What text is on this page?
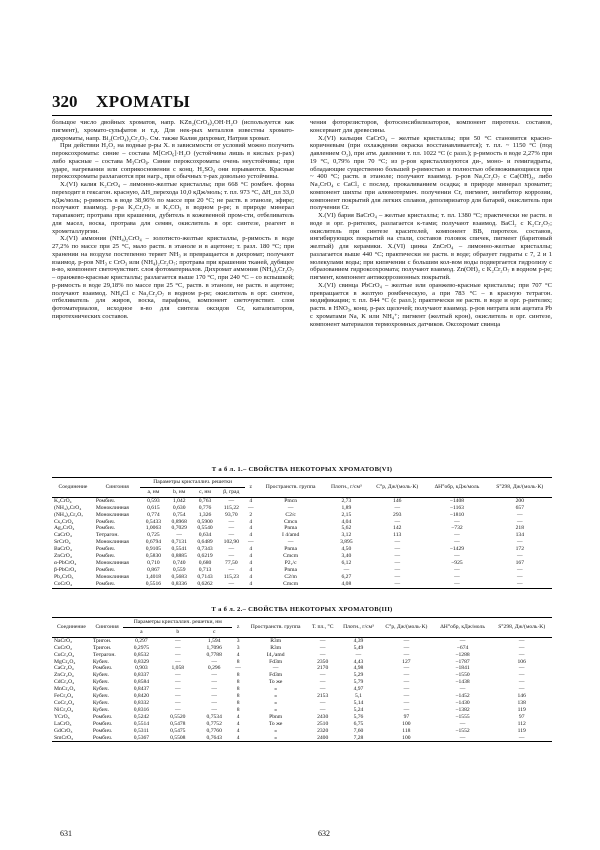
320 ХРОМАТЫ

больщое число двойных хроматов, напр. KZn₂(CrO₄)₂OH·H₂O (используется как пигмент), хромато-сульфатов и т.д. Для нек-рых металлов известны хромато-дихроматы, напр. Bi₂(CrO₄)₂Cr₂O₇. См. также Калия дихромат, Натрия хромат.

При действии H₂O₂ на водные р-ры X. в зависимости от условий можно получить пероксохроматы: синие – состава M[CrO₆]·H₂O (устойчивы лишь в кислых р-рах) либо красные – состава M₃CrO₈. Синие пероксохроматы очень неустойчивы; при ударе, нагревании или соприкосновении с конц. H₂SO₄ они взрываются. Красные пероксохроматы разлагаются при нагр., при обычных т-рах довольно устойчивы.

X.(VI) калия K₂CrO₄ – лимонно-желтые кристаллы; при 668 °C ромбич. форма переходит в гексагон. красную, ΔH_перехода 10,0 кДж/моль; т. пл. 973 °C, ΔH_пл 33,0 кДж/моль; р-римость в воде 38,96% по массе при 20 °C; не раств. в этаноле, эфире; получают взаимод. p-ра K₂Cr₂O₇ и K₂CO₃ в водном р-ре; в природе минерал тарапакоит; протрава при крашении, дубитель в кожевенной пром-сти, отбеливатель для масел, воска, протрава для семян, окислитель в орг. синтезе, реагент в хрометаллургии.

X.(VI) аммония (NH₄)₂CrO₄ – золотисто-желтые кристаллы, р-римость в воде 27,2% по массе при 25 °C, мало раств. в этаноле и в ацетоне; т. разл. 180 °C; при хранении на воздухе постепенно теряет NH₃ и превращается в дихромат; получают взаимод. р-ров NH₃ с CrO₃ или (NH₄)₂Cr₂O₇; протрава при крашении тканей, дубящее в-во, компонент светочувствит. слоя фотоматериалов. Дихромат аммония (NH₄)₂Cr₂O₇ – оранжево-красные кристаллы; разлагается выше 170 °C, при 240 °C – со вспышкой; р-римость в воде 29,18% по массе при 25 °C, раств. в этаноле, не раств. в ацетоне; получают взаимод. NH₄Cl с Na₂Cr₂O₇ в водном р-ре; окислитель в орг. синтезе, отбеливатель для жиров, воска, парафина, компонент светочувствит. слоя фотоматериалов, исходное в-во для синтеза оксидов Cr, катализаторов, пиротехнических составов.

чения фоторезисторов, фотосенсибилизаторов, компонент пиротехн. составов, консервант для древесины.

X.(VI) кальция CaCrO₄ – желтые кристаллы; при 50 °C становится красно-коричневым (при охлаждении окраска восстанавливается); т. пл. ~ 1150 °C (под давлением O₂), при атм. давлении т. пл. 1022 °C (с разл.); р-римость в воде 2,27% при 19 °C, 0,79% при 70 °C; из р-ров кристаллизуются ди-, моно- и гемигидраты, обладающие существенно большей р-римостью и полностью обезвоживающиеся при ~ 400 °C; раств. в этаноле; получают взаимод. р-ров Na₂Cr₂O₇ с Ca(OH)₂, либо Na₂CrO₄ с CaCl₂ с послед. прокаливанием осадка; в природе минерал хроматит; компонент шихты при алюмотермич. получении Cr, пигмент, ингибитор коррозии, компонент покрытий для легких сплавов, деполяризатор для батарей, окислитель при получении Cr.

X.(VI) бария BaCrO₄ – желтые кристаллы; т. пл. 1380 °C; практически не раств. в воде и орг. р-рителях, разлагается к-тами; получают взаимод. BaCl₂ с K₂Cr₂O₇; окислитель при синтезе красителей, компонент ВВ, пиротехн. составов, ингибирующих покрытий на стали, составов головок спичек, пигмент (баритовый желтый) для керамики. X.(VI) цинка ZnCrO₄ – лимонно-желтые кристаллы; разлагается выше 440 °C; практически не раств. в воде; образует гидраты с 7, 2 и 1 молекулами воды; при кипячении с большим кол-вом воды подвергается гидролизу с образованием гидроксохромата; получают взаимод. Zn(OH)₂ с K₂Cr₂O₇ в водном р-ре; пигмент, компонент антикоррозионных покрытий.

X.(VI) свинца PbCrO₄ – желтые или оранжево-красные кристаллы; при 707 °C превращается в желтую ромбическую, а при 783 °C – в красную тетрагон. модификации; т. пл. 844 °C (с разл.); практически не раств. в воде и орг. р-рителях; раств. в HNO₃, конц. р-рах щелочей; получают взаимод. р-ров нитрата или ацетата Pb с хроматами Na, K или NH₄⁺; пигмент (желтый крон), окислитель в орг. синтезе, компонент материалов термохромных датчиков. Оксохромат свинца

Т а б л. 1.– СВОЙСТВА НЕКОТОРЫХ ХРОМАТОВ(VI)
Соединение	Сингония	Параметры кристаллич. решетки				z	Пространств. группа	Плотн., г/см³	C°p, Дж/(моль·K)	ΔH°обр, кДж/моль	S°298, Дж/(моль·K)
		a, нм	b, нм	c, нм	β, град						
K₂CrO₄	Ромбич.	0,593	1,042	0,763	—	4	Pmcn	2,73	146	−1408	200
(NH₄)₂CrO₄	Моноклинная	0,615	0,630	0,776	115,22	—	—	1,89	—	−1163	657
(NH₄)₂Cr₂O₇	Моноклинная	0,774	0,754	1,326	93,70	2	C2/c	2,15	293	−1810	—
Cs₂CrO₄	Ромбич.	0,5433	0,8968	0,5900	—	4	Cmcn	4,04	—	—	—
Ag₂CrO₄	Ромбич.	1,0063	0,7029	0,5540	—	4	Pnma	5,62	142	−732	218
CaCrO₄	Тетрагон.	0,725	—	0,634	—	4	I 4/amd	3,12	113	—	134
SrCrO₄	Моноклинная	0,6794	0,7131	0,6489	102,90	—	—	3,895	—	—	—
BaCrO₄	Ромбич.	0,9105	0,5541	0,7343	—	4	Pnma	4,50	—	−1429	172
ZnCrO₄	Ромбич.	0,5830	0,8885	0,6219	—	4	Cmcm	3,40	—	—	—
α-PbCrO₄	Моноклинная	0,710	0,740	0,680	77,50	4	P2₁/c	6,12	—	−925	167
β-PbCrO₄	Ромбич.	0,867	0,559	0,713	—	4	Pnma	—	—	—	—
Pb₂CrO₅	Моноклинная	1,4018	0,5683	0,7143	115,23	4	C2/m	6,27	—	—	—
CoCrO₄	Ромбич.	0,5516	0,8336	0,6262	—	4	Cmcm	4,08	—	—	—
Т а б л. 2.– СВОЙСТВА НЕКОТОРЫХ ХРОМАТОВ(III)
Соединение	Сингония	Параметры кристаллич. решетки, нм			z	Пространств. группа	Т. пл., °С	Плотн., г/см³	C°p, Дж/(моль·K)	ΔH°обр, кДж/моль	S°298, Дж/(моль·K)
		a	b	c							
NaCrO₂	Тригон.	0,297	—	1,594	3	R3m	—	4,39	—	—	—
CuCrO₂	Тригон.	0,2975	—	1,7096	3	R3m	—	5,49	—	−674	—
CuCr₂O₄	Тетрагон.	0,8532	—	0,7788	4	I4₁/amd	—	—	—	−1288	—
MgCr₂O₄	Кубич.	0,8329	—	—	8	Fd3m	2350	4,43	127	−1787	106
CaCr₂O₄	Ромбич.	0,903	1,058	0,296	—	—	2170	4,98	—	−1841	—
ZnCr₂O₄	Кубич.	0,8337	—	—	8	Fd3m	—	5,29	—	−1550	—
CdCr₂O₄	Кубич.	0,8584	—	—	8	То же	—	5,79	—	−1438	—
MnCr₂O₄	Кубич.	0,8437	—	—	8	»	—	4,97	—	—	—
FeCr₂O₄	Кубич.	0,8420	—	—	8	»	2153	5,1	—	−1452	146
CoCr₂O₄	Кубич.	0,8332	—	—	8	»	—	5,14	—	−1430	138
NiCr₂O₄	Кубич.	0,8316	—	—	8	»	—	5,24	—	−1382	119
YCrO₃	Ромбич.	0,5242	0,5520	0,7534	4	Pbnm	2430	5,76	97	−1555	97
LaCrO₃	Ромбич.	0,5514	0,5478	0,7752	4	То же	2510	6,75	100	—	112
GdCrO₃	Ромбич.	0,5311	0,5475	0,7760	4	»	2320	7,60	118	−1552	119
SmCrO₃	Ромбич.	0,5367	0,5508	0,7643	4	»	2400	7,28	100	—	—
631	632
